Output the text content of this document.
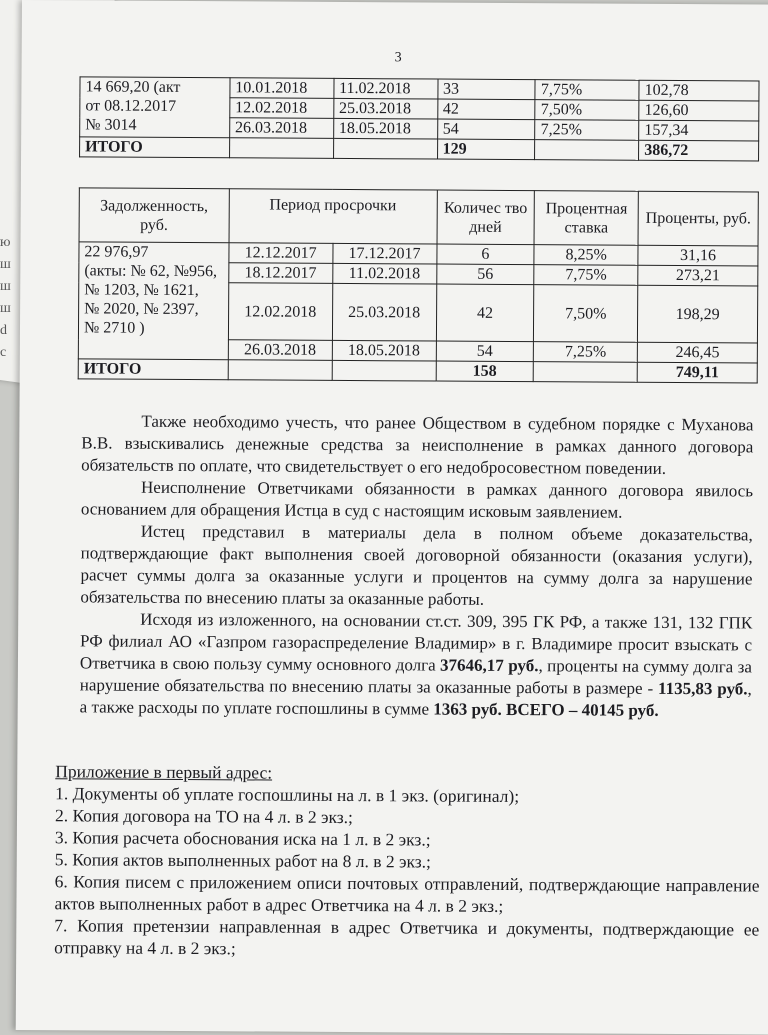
ю
ш
ш
ш
d
с
3
14 669,20 (акт
от 08.12.2017
№ 3014	10.01.2018	11.02.2018	33	7,75%	102,78
	12.02.2018	25.03.2018	42	7,50%	126,60
	26.03.2018	18.05.2018	54	7,25%	157,34
ИТОГО			129		386,72
Задолженность, руб.	Период просрочки		Количес тво дней	Процентная ставка	Проценты, руб.

22 976,97
(акты: № 62, №956,
№ 1203, № 1621,
№ 2020, № 2397,
№ 2710 )	12.12.2017	17.12.2017	6	8,25%	31,16
	18.12.2017	11.02.2018	56	7,75%	273,21
	12.02.2018	25.03.2018	42	7,50%	198,29
	26.03.2018	18.05.2018	54	7,25%	246,45
ИТОГО			158		749,11

Также необходимо учесть, что ранее Обществом в судебном порядке с Муханова В.В. взыскивались денежные средства за неисполнение в рамках данного договора обязательств по оплате, что свидетельствует о его недобросовестном поведении.

Неисполнение Ответчиками обязанности в рамках данного договора явилось основанием для обращения Истца в суд с настоящим исковым заявлением.

Истец представил в материалы дела в полном объеме доказательства, подтверждающие факт выполнения своей договорной обязанности (оказания услуги), расчет суммы долга за оказанные услуги и процентов на сумму долга за нарушение обязательства по внесению платы за оказанные работы.

Исходя из изложенного, на основании ст.ст. 309, 395 ГК РФ, а также 131, 132 ГПК РФ филиал АО «Газпром газораспределение Владимир» в г. Владимире просит взыскать с Ответчика в свою пользу сумму основного долга 37646,17 руб., проценты на сумму долга за нарушение обязательства по внесению платы за оказанные работы в размере - 1135,83 руб., а также расходы по уплате госпошлины в сумме 1363 руб. ВСЕГО – 40145 руб.

Приложение в первый адрес:

1. Документы об уплате госпошлины на л. в 1 экз. (оригинал);

2. Копия договора на ТО на 4 л. в 2 экз.;

3. Копия расчета обоснования иска на 1 л. в 2 экз.;

5. Копия актов выполненных работ на 8 л. в 2 экз.;

6. Копия писем с приложением описи почтовых отправлений, подтверждающие направление актов выполненных работ в адрес Ответчика на 4 л. в 2 экз.;

7. Копия претензии направленная в адрес Ответчика и документы, подтверждающие ее отправку на 4 л. в 2 экз.;
